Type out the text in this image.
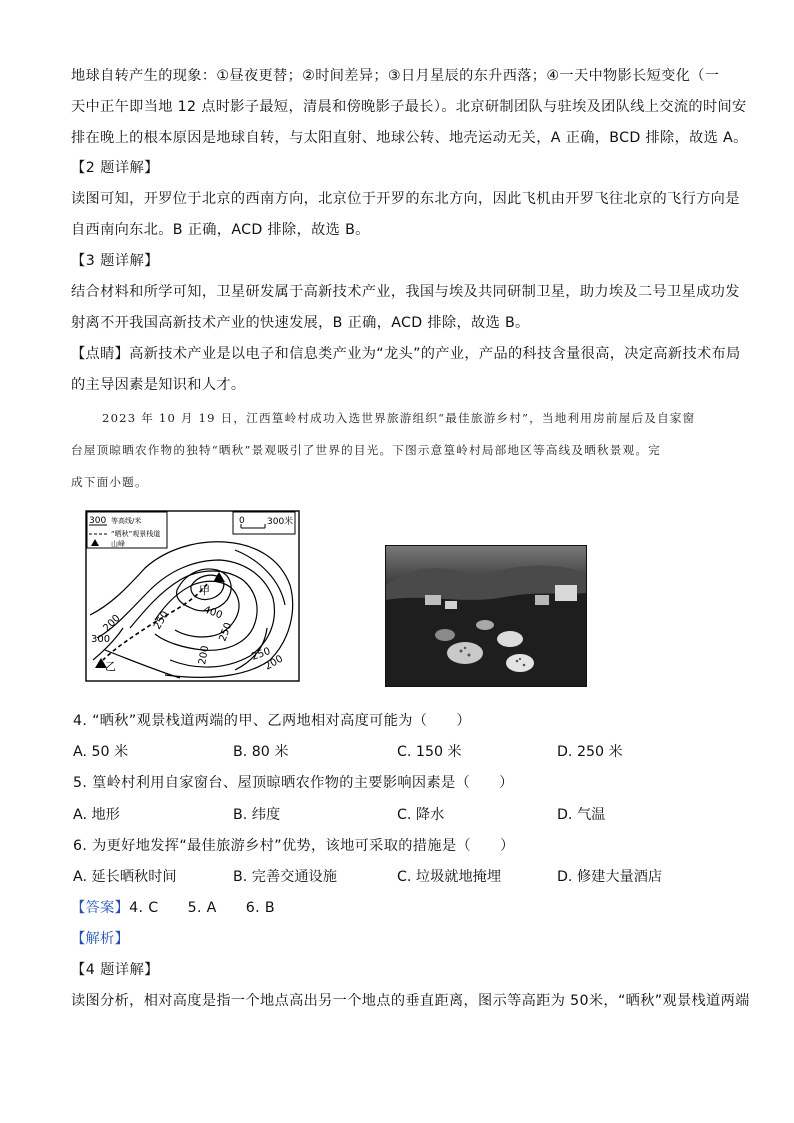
地球自转产生的现象：①昼夜更替；②时间差异；③日月星辰的东升西落；④一天中物影长短变化（一
天中正午即当地 12 点时影子最短，清晨和傍晚影子最长）。北京研制团队与驻埃及团队线上交流的时间安
排在晚上的根本原因是地球自转，与太阳直射、地球公转、地壳运动无关，A 正确，BCD 排除，故选 A。
【2 题详解】
读图可知，开罗位于北京的西南方向，北京位于开罗的东北方向，因此飞机由开罗飞往北京的飞行方向是
自西南向东北。B 正确，ACD 排除，故选 B。
【3 题详解】
结合材料和所学可知，卫星研发属于高新技术产业，我国与埃及共同研制卫星，助力埃及二号卫星成功发
射离不开我国高新技术产业的快速发展，B 正确，ACD 排除，故选 B。
【点睛】高新技术产业是以电子和信息类产业为“龙头”的产业，产品的科技含量很高，决定高新技术布局
的主导因素是知识和人才。
2023 年 10 月 19 日，江西篁岭村成功入选世界旅游组织“最佳旅游乡村”，当地利用房前屋后及自家窗
台屋顶晾晒农作物的独特“晒秋”景观吸引了世界的目光。下图示意篁岭村局部地区等高线及晒秋景观。完
成下面小题。
甲
乙
200	250	400
300	250
200	250
200
300 等高线/米
“晒秋”观景栈道
山峰
0 300米
4. “晒秋”观景栈道两端的甲、乙两地相对高度可能为（　　）
A. 50 米	B. 80 米	C. 150 米	D. 250 米
5. 篁岭村利用自家窗台、屋顶晾晒农作物的主要影响因素是（　　）
A. 地形	B. 纬度	C. 降水	D. 气温
6. 为更好地发挥“最佳旅游乡村”优势，该地可采取的措施是（　　）
A. 延长晒秋时间	B. 完善交通设施	C. 垃圾就地掩埋	D. 修建大量酒店
【答案】4. C　　5. A　　6. B
【解析】
【4 题详解】
读图分析，相对高度是指一个地点高出另一个地点的垂直距离，图示等高距为 50米，“晒秋”观景栈道两端
